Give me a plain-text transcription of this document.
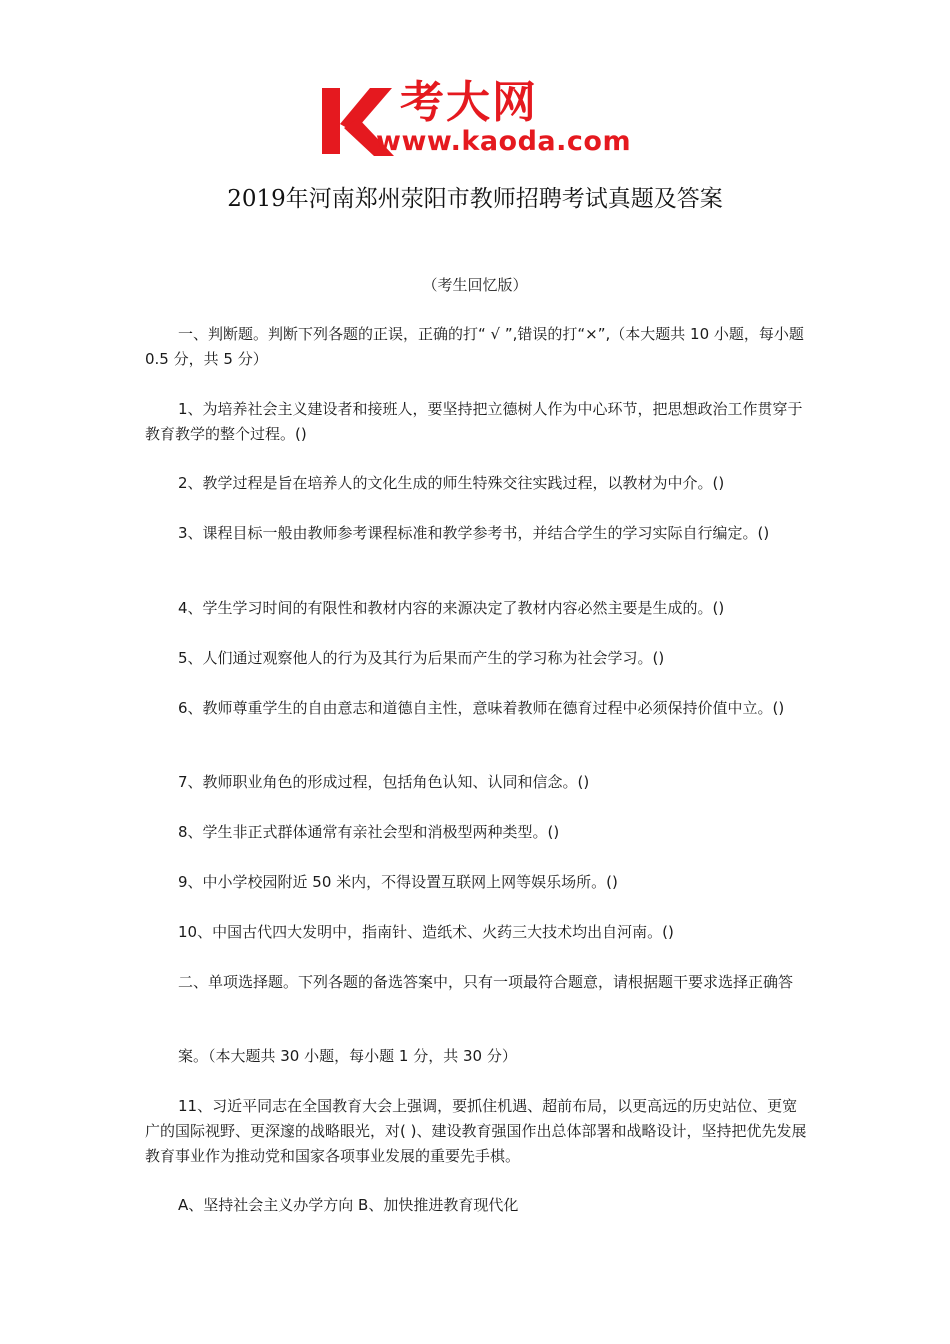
考大网
www.kaoda.com
2019年河南郑州荥阳市教师招聘考试真题及答案
（考生回忆版）

一、判断题。判断下列各题的正误，正确的打“ √ ”,错误的打“×”,（本大题共 10 小题，每小题 0.5 分，共 5 分）

1、为培养社会主义建设者和接班人，要坚持把立德树人作为中心环节，把思想政治工作贯穿于教育教学的整个过程。()

2、教学过程是旨在培养人的文化生成的师生特殊交往实践过程，以教材为中介。()

3、课程目标一般由教师参考课程标准和教学参考书，并结合学生的学习实际自行编定。()

4、学生学习时间的有限性和教材内容的来源决定了教材内容必然主要是生成的。()

5、人们通过观察他人的行为及其行为后果而产生的学习称为社会学习。()

6、教师尊重学生的自由意志和道德自主性，意味着教师在德育过程中必须保持价值中立。()

7、教师职业角色的形成过程，包括角色认知、认同和信念。()

8、学生非正式群体通常有亲社会型和消极型两种类型。()

9、中小学校园附近 50 米内，不得设置互联网上网等娱乐场所。()

10、中国古代四大发明中，指南针、造纸术、火药三大技术均出自河南。()

二、单项选择题。下列各题的备选答案中，只有一项最符合题意，请根据题干要求选择正确答

案。（本大题共 30 小题，每小题 1 分，共 30 分）

11、习近平同志在全国教育大会上强调，要抓住机遇、超前布局，以更高远的历史站位、更宽广的国际视野、更深邃的战略眼光，对( )、建设教育强国作出总体部署和战略设计，坚持把优先发展教育事业作为推动党和国家各项事业发展的重要先手棋。

A、坚持社会主义办学方向 B、加快推进教育现代化
